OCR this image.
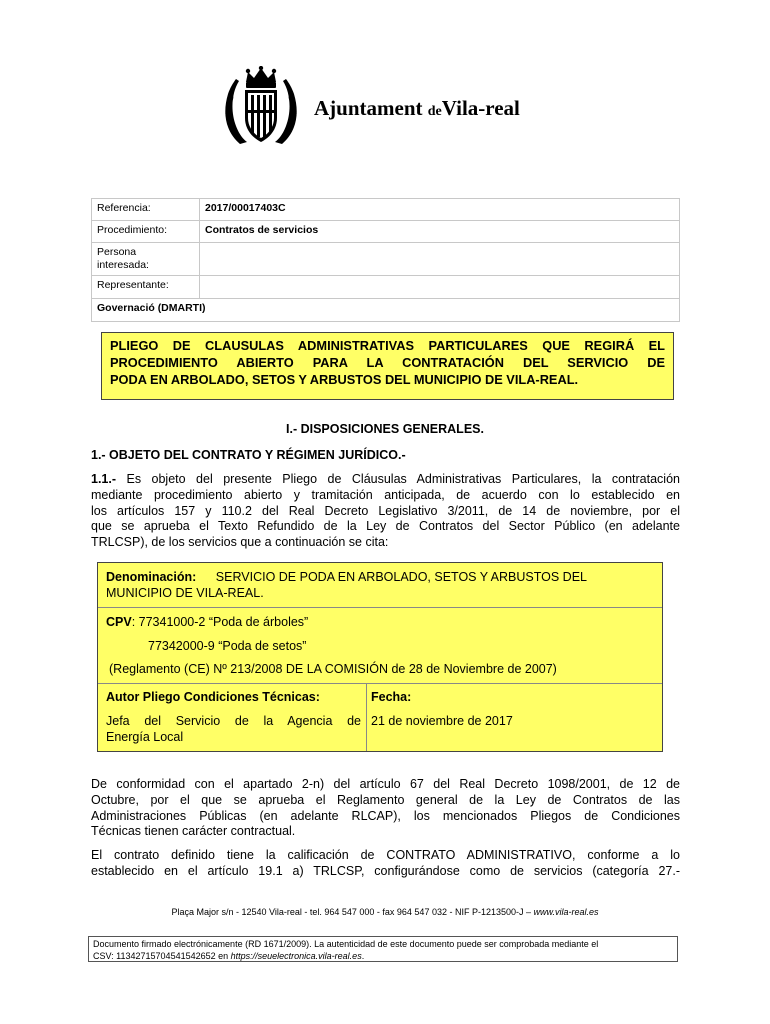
Ajuntament deVila-real
Referencia:	2017/00017403C
Procedimiento:	Contratos de servicios
Persona
interesada:	
Representante:	
Governació (DMARTI)	
PLIEGO DE CLAUSULAS ADMINISTRATIVAS PARTICULARES QUE REGIRÁ EL
PROCEDIMIENTO ABIERTO PARA LA CONTRATACIÓN DEL SERVICIO DE
PODA EN ARBOLADO, SETOS Y ARBUSTOS DEL MUNICIPIO DE VILA-REAL.
I.- DISPOSICIONES GENERALES.
1.- OBJETO DEL CONTRATO Y RÉGIMEN JURÍDICO.-
1.1.- Es objeto del presente Pliego de Cláusulas Administrativas Particulares, la contratación
mediante procedimiento abierto y tramitación anticipada, de acuerdo con lo establecido en
los artículos 157 y 110.2 del Real Decreto Legislativo 3/2011, de 14 de noviembre, por el
que se aprueba el Texto Refundido de la Ley de Contratos del Sector Público (en adelante
TRLCSP), de los servicios que a continuación se cita:
Denominación: SERVICIO DE PODA EN ARBOLADO, SETOS Y ARBUSTOS DEL
MUNICIPIO DE VILA-REAL.
CPV: 77341000-2 “Poda de árboles”
77342000-9 “Poda de setos”
(Reglamento (CE) Nº 213/2008 DE LA COMISIÓN de 28 de Noviembre de 2007)
Autor Pliego Condiciones Técnicas:
Jefa del Servicio de la Agencia de
Energía Local
Fecha:
21 de noviembre de 2017
De conformidad con el apartado 2-n) del artículo 67 del Real Decreto 1098/2001, de 12 de
Octubre, por el que se aprueba el Reglamento general de la Ley de Contratos de las
Administraciones Públicas (en adelante RLCAP), los mencionados Pliegos de Condiciones
Técnicas tienen carácter contractual.
El contrato definido tiene la calificación de CONTRATO ADMINISTRATIVO, conforme a lo
establecido en el artículo 19.1 a) TRLCSP, configurándose como de servicios (categoría 27.-
Plaça Major s/n - 12540 Vila-real - tel. 964 547 000 - fax 964 547 032 - NIF P-1213500-J – www.vila-real.es
Documento firmado electrónicamente (RD 1671/2009). La autenticidad de este documento puede ser comprobada mediante el
CSV: 11342715704541542652 en https://seuelectronica.vila-real.es.
